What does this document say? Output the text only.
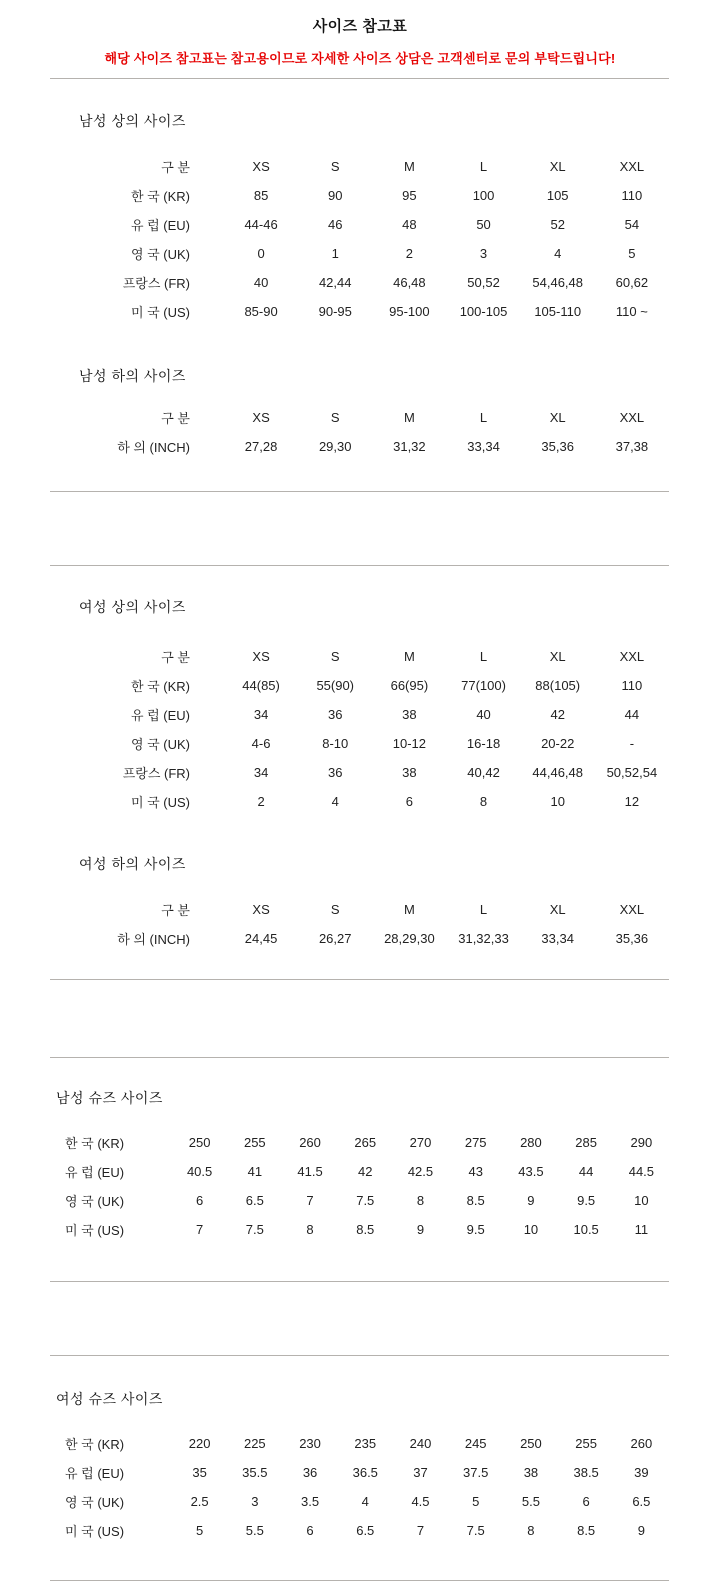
사이즈 참고표
해당 사이즈 참고표는 참고용이므로 자세한 사이즈 상담은 고객센터로 문의 부탁드립니다!
남성 상의 사이즈
구 분	XS	S	M	L	XL	XXL
한 국 (KR)	85	90	95	100	105	110
유 럽 (EU)	44-46	46	48	50	52	54
영 국 (UK)	0	1	2	3	4	5
프랑스 (FR)	40	42,44	46,48	50,52	54,46,48	60,62
미 국 (US)	85-90	90-95	95-100	100-105	105-110	110 ~
남성 하의 사이즈
구 분	XS	S	M	L	XL	XXL
하 의 (INCH)	27,28	29,30	31,32	33,34	35,36	37,38
여성 상의 사이즈
구 분	XS	S	M	L	XL	XXL
한 국 (KR)	44(85)	55(90)	66(95)	77(100)	88(105)	110
유 럽 (EU)	34	36	38	40	42	44
영 국 (UK)	4-6	8-10	10-12	16-18	20-22	-
프랑스 (FR)	34	36	38	40,42	44,46,48	50,52,54
미 국 (US)	2	4	6	8	10	12
여성 하의 사이즈
구 분	XS	S	M	L	XL	XXL
하 의 (INCH)	24,45	26,27	28,29,30	31,32,33	33,34	35,36
남성 슈즈 사이즈
한 국 (KR)	250	255	260	265	270	275	280	285	290
유 럽 (EU)	40.5	41	41.5	42	42.5	43	43.5	44	44.5
영 국 (UK)	6	6.5	7	7.5	8	8.5	9	9.5	10
미 국 (US)	7	7.5	8	8.5	9	9.5	10	10.5	11
여성 슈즈 사이즈
한 국 (KR)	220	225	230	235	240	245	250	255	260
유 럽 (EU)	35	35.5	36	36.5	37	37.5	38	38.5	39
영 국 (UK)	2.5	3	3.5	4	4.5	5	5.5	6	6.5
미 국 (US)	5	5.5	6	6.5	7	7.5	8	8.5	9
